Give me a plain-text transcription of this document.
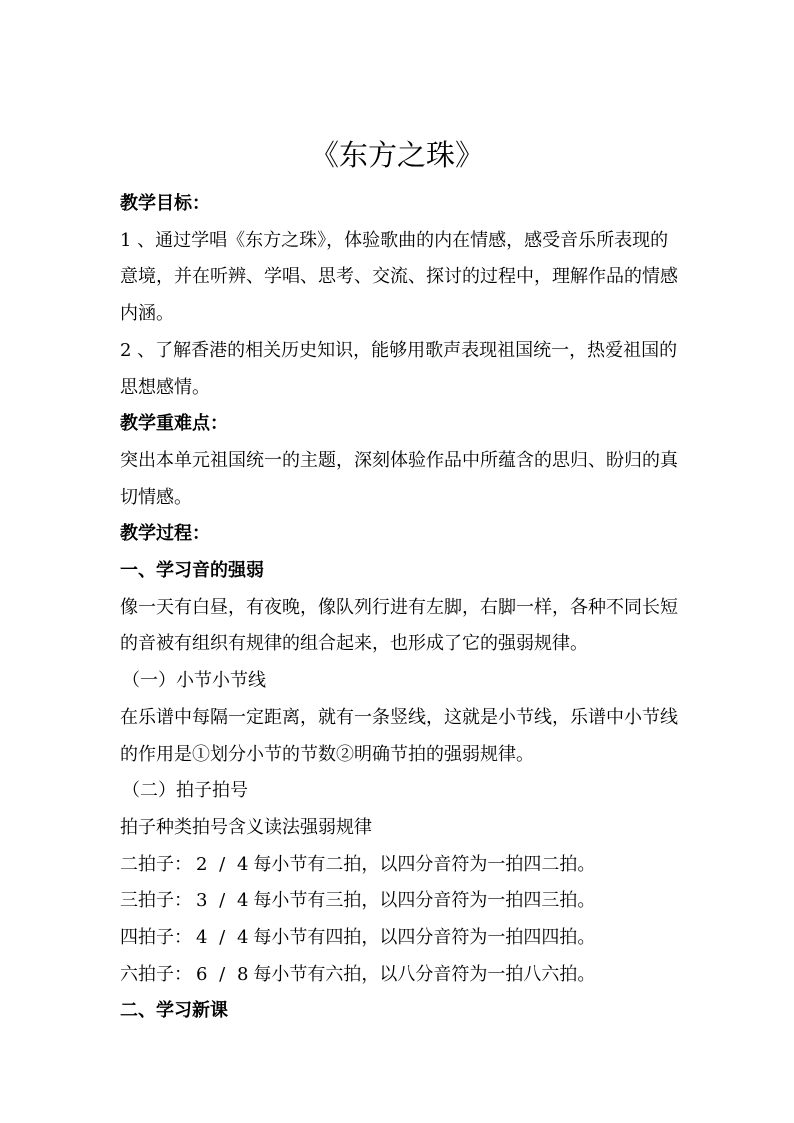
《东方之珠》

教学目标：

1 、通过学唱《东方之珠》，体验歌曲的内在情感，感受音乐所表现的意境，并在听辨、学唱、思考、交流、探讨的过程中，理解作品的情感内涵。

2 、了解香港的相关历史知识，能够用歌声表现祖国统一，热爱祖国的思想感情。

教学重难点：

突出本单元祖国统一的主题，深刻体验作品中所蕴含的思归、盼归的真切情感。

教学过程：

一、学习音的强弱

像一天有白昼，有夜晚，像队列行进有左脚，右脚一样，各种不同长短的音被有组织有规律的组合起来，也形成了它的强弱规律。

（一）小节小节线

在乐谱中每隔一定距离，就有一条竖线，这就是小节线，乐谱中小节线的作用是①划分小节的节数②明确节拍的强弱规律。

（二）拍子拍号

拍子种类拍号含义读法强弱规律

二拍子： 2 / 4 每小节有二拍，以四分音符为一拍四二拍。

三拍子： 3 / 4 每小节有三拍，以四分音符为一拍四三拍。

四拍子： 4 / 4 每小节有四拍，以四分音符为一拍四四拍。

六拍子： 6 / 8 每小节有六拍，以八分音符为一拍八六拍。

二、学习新课
